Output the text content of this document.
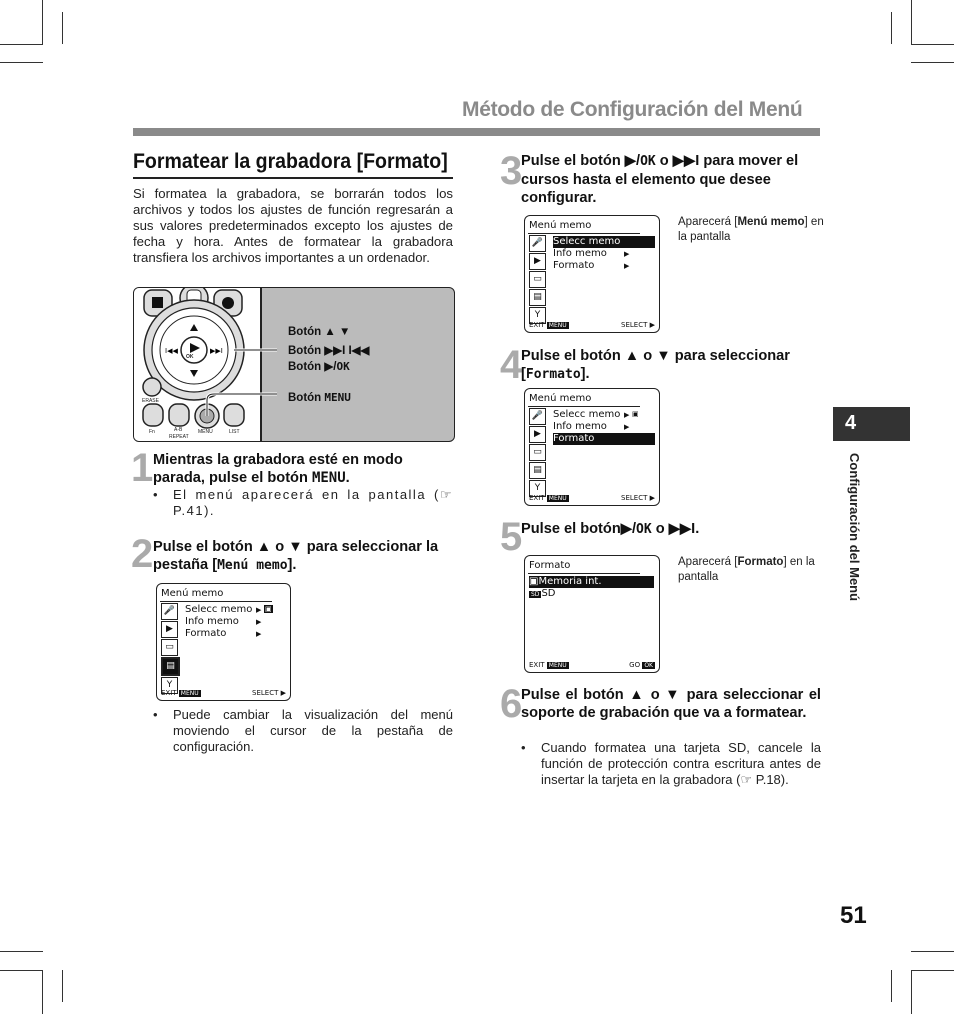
Método de Configuración del Menú
Formatear la grabadora [Formato]
Si formatea la grabadora, se borrarán todos los archivos y todos los ajustes de función regresarán a sus valores predeterminados excepto los ajustes de fecha y hora. Antes de formatear la grabadora transfiera los archivos importantes a un ordenador.
I◀◀	▶▶I
OK
ERASE
Fn	A-B
REPEAT
MENU	LIST
Botón ▲ ▼
Botón ▶▶I I◀◀
Botón ▶/OK
Botón MENU
1 Mientras la grabadora esté en modo parada, pulse el botón MENU.
• El menú aparecerá en la pantalla (☞ P.41).
2 Pulse el botón ▲ o ▼ para seleccionar la pestaña [Menú memo].
Menú memo
🎤
▶
▭
▤
Y
Selecc memo
Info memo
Formato
▶ ▣
▶
▶
EXIT MENU	SELECT ▶
• Puede cambiar la visualización del menú moviendo el cursor de la pestaña de configuración.
3
Pulse el botón ▶/OK o ▶▶I para mover el cursos hasta el elemento que desee configurar.
Menú memo
🎤
▶
▭
▤
Y
Selecc memo
Info memo
Formato
▶
▶
EXIT MENU	SELECT ▶
Aparecerá [Menú memo] en la pantalla
4
Pulse el botón ▲ o ▼ para seleccionar [Formato].
Menú memo
🎤
▶
▭
▤
Y
Selecc memo
Info memo
Formato
▶ ▣
▶
EXIT MENU	SELECT ▶
5
Pulse el botón▶/OK o ▶▶I.
Formato
▣Memoria int.
SD SD
EXIT MENU	GO OK
Aparecerá [Formato] en la pantalla
6
Pulse el botón ▲ o ▼ para seleccionar el soporte de grabación que va a formatear.
• Cuando formatea una tarjeta SD, cancele la función de protección contra escritura antes de insertar la tarjeta en la grabadora (☞ P.18).
4
Configuración del Menú
51
